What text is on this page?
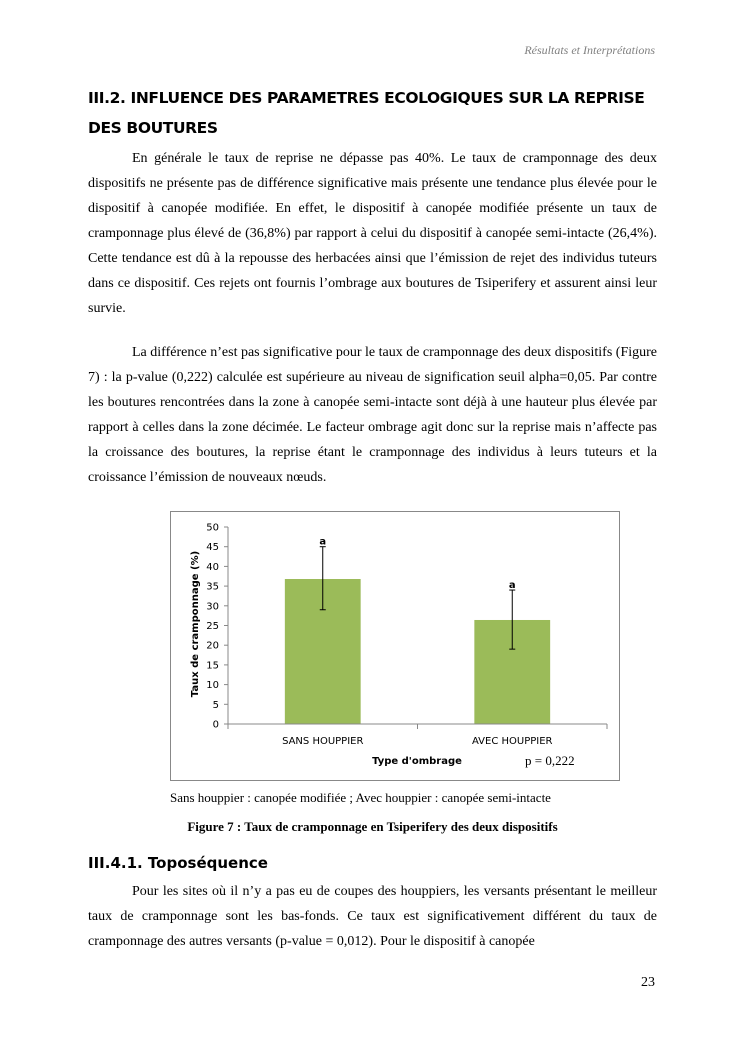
Résultats et Interprétations
III.2. INFLUENCE DES PARAMETRES ECOLOGIQUES SUR LA REPRISE
DES BOUTURES

En générale le taux de reprise ne dépasse pas 40%. Le taux de cramponnage des deux dispositifs ne présente pas de différence significative mais présente une tendance plus élevée pour le dispositif à canopée modifiée. En effet, le dispositif à canopée modifiée présente un taux de cramponnage plus élevé de (36,8%) par rapport à celui du dispositif à canopée semi-intacte (26,4%). Cette tendance est dû à la repousse des herbacées ainsi que l’émission de rejet des individus tuteurs dans ce dispositif. Ces rejets ont fournis l’ombrage aux boutures de Tsiperifery et assurent ainsi leur survie.

La différence n’est pas significative pour le taux de cramponnage des deux dispositifs (Figure 7) : la p-value (0,222) calculée est supérieure au niveau de signification seuil alpha=0,05. Par contre les boutures rencontrées dans la zone à canopée semi-intacte sont déjà à une hauteur plus élevée par rapport à celles dans la zone décimée. Le facteur ombrage agit donc sur la reprise mais n’affecte pas la croissance des boutures, la reprise étant le cramponnage des individus à leurs tuteurs et la croissance l’émission de nouveaux nœuds.

0
5
10
15
20
25
30
35
40
45
50
a
a
SANS HOUPPIER	AVEC HOUPPIER
Taux de cramponnage (%)
Type d'ombrage	p = 0,222
Sans houppier : canopée modifiée ; Avec houppier : canopée semi-intacte
Figure 7 : Taux de cramponnage en Tsiperifery des deux dispositifs
III.4.1. Toposéquence

Pour les sites où il n’y a pas eu de coupes des houppiers, les versants présentant le meilleur taux de cramponnage sont les bas-fonds. Ce taux est significativement différent du taux de cramponnage des autres versants (p-value = 0,012). Pour le dispositif à canopée

23
